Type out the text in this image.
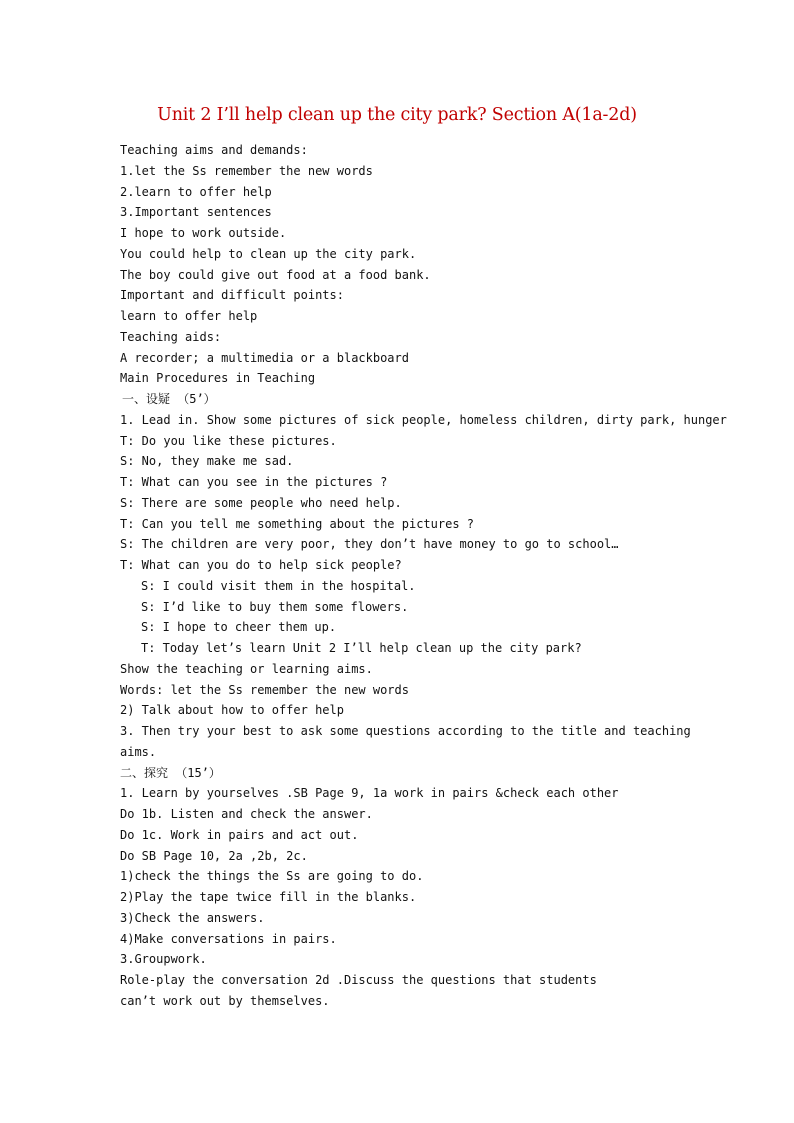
Unit 2 I’ll help clean up the city park? Section A(1a-2d)
Teaching aims and demands:
1.let the Ss remember the new words
2.learn to offer help
3.Important sentences
I hope to work outside.
You could help to clean up the city park.
The boy could give out food at a food bank.
Important and difficult points:
learn to offer help
Teaching aids:
A recorder; a multimedia or a blackboard
Main Procedures in Teaching
一、设疑 （5’）
1. Lead in. Show some pictures of sick people, homeless children, dirty park, hunger
T: Do you like these pictures.
S: No, they make me sad.
T: What can you see in the pictures ?
S: There are some people who need help.
T: Can you tell me something about the pictures ?
S: The children are very poor, they don’t have money to go to school…
T: What can you do to help sick people?
S: I could visit them in the hospital.
S: I’d like to buy them some flowers.
S: I hope to cheer them up.
T: Today let’s learn Unit 2 I’ll help clean up the city park?
Show the teaching or learning aims.
Words: let the Ss remember the new words
2) Talk about how to offer help
3. Then try your best to ask some questions according to the title and teaching
aims.
二、探究 （15’）
1. Learn by yourselves .SB Page 9, 1a work in pairs &check each other
Do 1b. Listen and check the answer.
Do 1c. Work in pairs and act out.
Do SB Page 10, 2a ,2b, 2c.
1)check the things the Ss are going to do.
2)Play the tape twice fill in the blanks.
3)Check the answers.
4)Make conversations in pairs.
3.Groupwork.
Role-play the conversation 2d .Discuss the questions that students
can’t work out by themselves.
